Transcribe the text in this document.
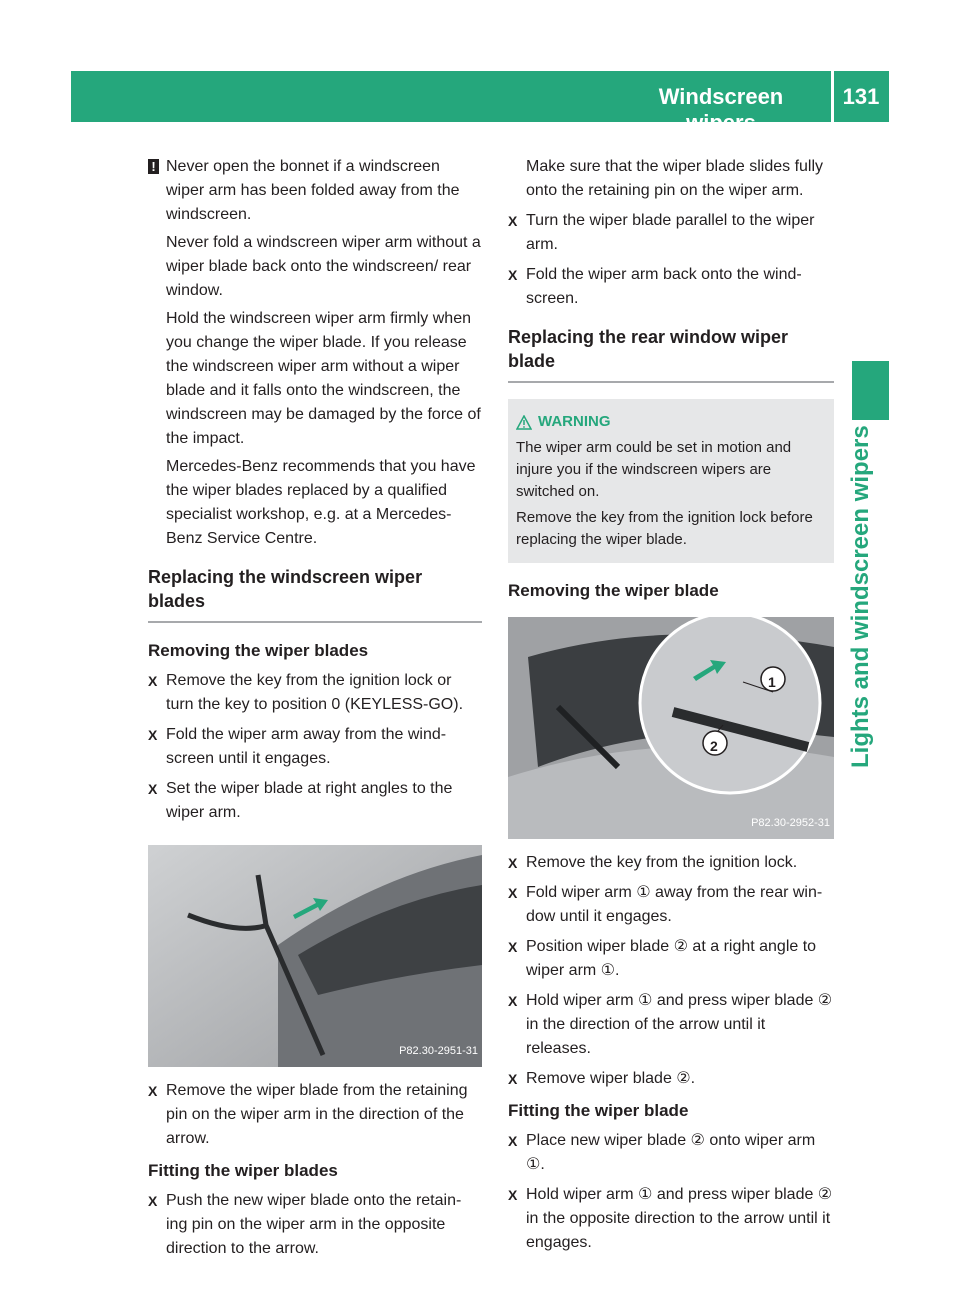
Windscreen wipers
131
Lights and windscreen wipers
! Never open the bonnet if a windscreen wiper arm has been folded away from the windscreen.

Never fold a windscreen wiper arm without a wiper blade back onto the windscreen/ rear window.

Hold the windscreen wiper arm firmly when you change the wiper blade. If you release the windscreen wiper arm without a wiper blade and it falls onto the windscreen, the windscreen may be damaged by the force of the impact.

Mercedes-Benz recommends that you have the wiper blades replaced by a qualified specialist workshop, e.g. at a Mercedes-Benz Service Centre.

Replacing the windscreen wiper blades
Removing the wiper blades
X Remove the key from the ignition lock or turn the key to position 0 (KEYLESS-GO).
X Fold the wiper arm away from the wind-screen until it engages.
X Set the wiper blade at right angles to the wiper arm.
P82.30-2951-31
X Remove the wiper blade from the retaining pin on the wiper arm in the direction of the arrow.
Fitting the wiper blades
X Push the new wiper blade onto the retain-ing pin on the wiper arm in the opposite direction to the arrow.

Make sure that the wiper blade slides fully onto the retaining pin on the wiper arm.

X Turn the wiper blade parallel to the wiper arm.
X Fold the wiper arm back onto the wind-screen.
Replacing the rear window wiper blade
WARNING

The wiper arm could be set in motion and injure you if the windscreen wipers are switched on.

Remove the key from the ignition lock before replacing the wiper blade.

Removing the wiper blade
1
2
P82.30-2952-31
X Remove the key from the ignition lock.
X Fold wiper arm ① away from the rear win-dow until it engages.
X Position wiper blade ② at a right angle to wiper arm ①.
X Hold wiper arm ① and press wiper blade ② in the direction of the arrow until it releases.
X Remove wiper blade ②.
Fitting the wiper blade
X Place new wiper blade ② onto wiper arm ①.
X Hold wiper arm ① and press wiper blade ② in the opposite direction to the arrow until it engages.
